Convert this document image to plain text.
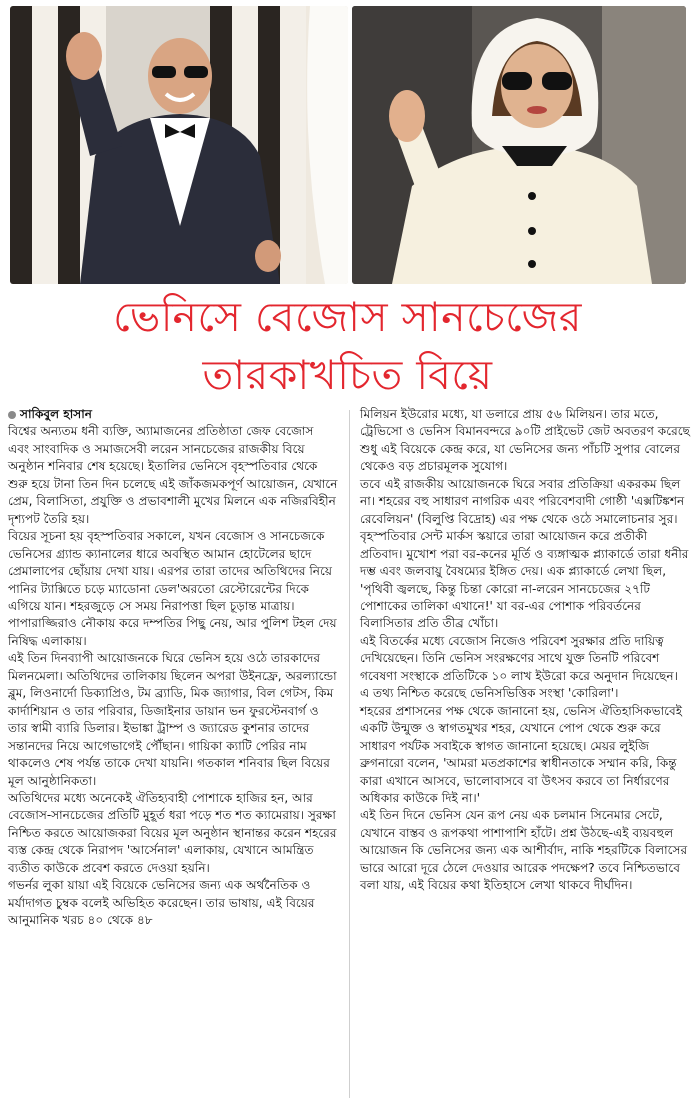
ভেনিসে বেজোস সানচেজের
তারকাখচিত বিয়ে
সাকিবুল হাসান

বিশ্বের অন্যতম ধনী ব্যক্তি, অ্যামাজনের প্রতিষ্ঠাতা জেফ বেজোস এবং সাংবাদিক ও সমাজসেবী লরেন সানচেজের রাজকীয় বিয়ে অনুষ্ঠান শনিবার শেষ হয়েছে। ইতালির ভেনিসে বৃহস্পতিবার থেকে শুরু হয়ে টানা তিন দিন চলেছে এই জাঁকজমকপূর্ণ আয়োজন, যেখানে প্রেম, বিলাসিতা, প্রযুক্তি ও প্রভাবশালী মুখের মিলনে এক নজিরবিহীন দৃশ্যপট তৈরি হয়।

বিয়ের সূচনা হয় বৃহস্পতিবার সকালে, যখন বেজোস ও সানচেজকে ভেনিসের গ্র্যান্ড ক্যানালের ধারে অবস্থিত আমান হোটেলের ছাদে প্রেমালাপের ছোঁয়ায় দেখা যায়। এরপর তারা তাদের অতিথিদের নিয়ে পানির ট্যাক্সিতে চড়ে ম্যাডোনা ডেল'অরতো রেস্টোরেন্টের দিকে এগিয়ে যান। শহরজুড়ে সে সময় নিরাপত্তা ছিল চূড়ান্ত মাত্রায়। পাপারাজ্জিরাও নৌকায় করে দম্পতির পিছু নেয়, আর পুলিশ টহল দেয় নিষিদ্ধ এলাকায়।

এই তিন দিনব্যাপী আয়োজনকে ঘিরে ভেনিস হয়ে ওঠে তারকাদের মিলনমেলা। অতিথিদের তালিকায় ছিলেন অপরা উইনফ্রে, অরল্যান্ডো ব্লুম, লিওনার্দো ডিক্যাপ্রিও, টম ব্র্যাডি, মিক জ্যাগার, বিল গেটস, কিম কার্দাশিয়ান ও তার পরিবার, ডিজাইনার ডায়ান ভন ফুরস্টেনবার্গ ও তার স্বামী ব্যারি ডিলার। ইভাঙ্কা ট্রাম্প ও জ্যারেড কুশনার তাদের সন্তানদের নিয়ে আগেভাগেই পৌঁছান। গায়িকা ক্যাটি পেরির নাম থাকলেও শেষ পর্যন্ত তাকে দেখা যায়নি। গতকাল শনিবার ছিল বিয়ের মূল আনুষ্ঠানিকতা।

অতিথিদের মধ্যে অনেকেই ঐতিহ্যবাহী পোশাকে হাজির হন, আর বেজোস-সানচেজের প্রতিটি মুহূর্ত ধরা পড়ে শত শত ক্যামেরায়। সুরক্ষা নিশ্চিত করতে আয়োজকরা বিয়ের মূল অনুষ্ঠান স্থানান্তর করেন শহরের ব্যস্ত কেন্দ্র থেকে নিরাপদ 'আর্সেনাল' এলাকায়, যেখানে আমন্ত্রিত ব্যতীত কাউকে প্রবেশ করতে দেওয়া হয়নি।

গভর্নর লুকা য়ায়া এই বিয়েকে ভেনিসের জন্য এক অর্থনৈতিক ও মর্যাদাগত চুম্বক বলেই অভিহিত করেছেন। তার ভাষায়, এই বিয়ের আনুমানিক খরচ ৪০ থেকে ৪৮

মিলিয়ন ইউরোর মধ্যে, যা ডলারে প্রায় ৫৬ মিলিয়ন। তার মতে, ট্রেভিসো ও ভেনিস বিমানবন্দরে ৯০টি প্রাইভেট জেট অবতরণ করেছে শুধু এই বিয়েকে কেন্দ্র করে, যা ভেনিসের জন্য পাঁচটি সুপার বোলের থেকেও বড় প্রচারমূলক সুযোগ।

তবে এই রাজকীয় আয়োজনকে ঘিরে সবার প্রতিক্রিয়া একরকম ছিল না। শহরের বহু সাধারণ নাগরিক এবং পরিবেশবাদী গোষ্ঠী 'এক্সটিঙ্কশন রেবেলিয়ন' (বিলুপ্তি বিদ্রোহ) এর পক্ষ থেকে ওঠে সমালোচনার সুর। বৃহস্পতিবার সেন্ট মার্কস স্কয়ারে তারা আয়োজন করে প্রতীকী প্রতিবাদ। মুখোশ পরা বর-কনের মূর্তি ও ব্যঙ্গাত্মক প্ল্যাকার্ডে তারা ধনীর দম্ভ এবং জলবায়ু বৈষম্যের ইঙ্গিত দেয়। এক প্ল্যাকার্ডে লেখা ছিল, 'পৃথিবী জ্বলছে, কিন্তু চিন্তা কোরো না-লরেন সানচেজের ২৭টি পোশাকের তালিকা এখানে!' যা বর-এর পোশাক পরিবর্তনের বিলাসিতার প্রতি তীব্র খোঁচা।

এই বিতর্কের মধ্যে বেজোস নিজেও পরিবেশ সুরক্ষার প্রতি দায়িত্ব দেখিয়েছেন। তিনি ভেনিস সংরক্ষণের সাথে যুক্ত তিনটি পরিবেশ গবেষণা সংস্থাকে প্রতিটিকে ১০ লাখ ইউরো করে অনুদান দিয়েছেন। এ তথ্য নিশ্চিত করেছে ভেনিসভিত্তিক সংস্থা 'কোরিলা'।

শহরের প্রশাসনের পক্ষ থেকে জানানো হয়, ভেনিস ঐতিহাসিকভাবেই একটি উন্মুক্ত ও স্বাগতমুখর শহর, যেখানে পোপ থেকে শুরু করে সাধারণ পর্যটক সবাইকে স্বাগত জানানো হয়েছে। মেয়র লুইজি ব্রুগনারো বলেন, 'আমরা মতপ্রকাশের স্বাধীনতাকে সম্মান করি, কিন্তু কারা এখানে আসবে, ভালোবাসবে বা উৎসব করবে তা নির্ধারণের অধিকার কাউকে দিই না।'

এই তিন দিনে ভেনিস যেন রূপ নেয় এক চলমান সিনেমার সেটে, যেখানে বাস্তব ও রূপকথা পাশাপাশি হাঁটে। প্রশ্ন উঠছে-এই ব্যয়বহুল আয়োজন কি ভেনিসের জন্য এক আশীর্বাদ, নাকি শহরটিকে বিলাসের ভারে আরো দূরে ঠেলে দেওয়ার আরেক পদক্ষেপ? তবে নিশ্চিতভাবে বলা যায়, এই বিয়ের কথা ইতিহাসে লেখা থাকবে দীর্ঘদিন।
